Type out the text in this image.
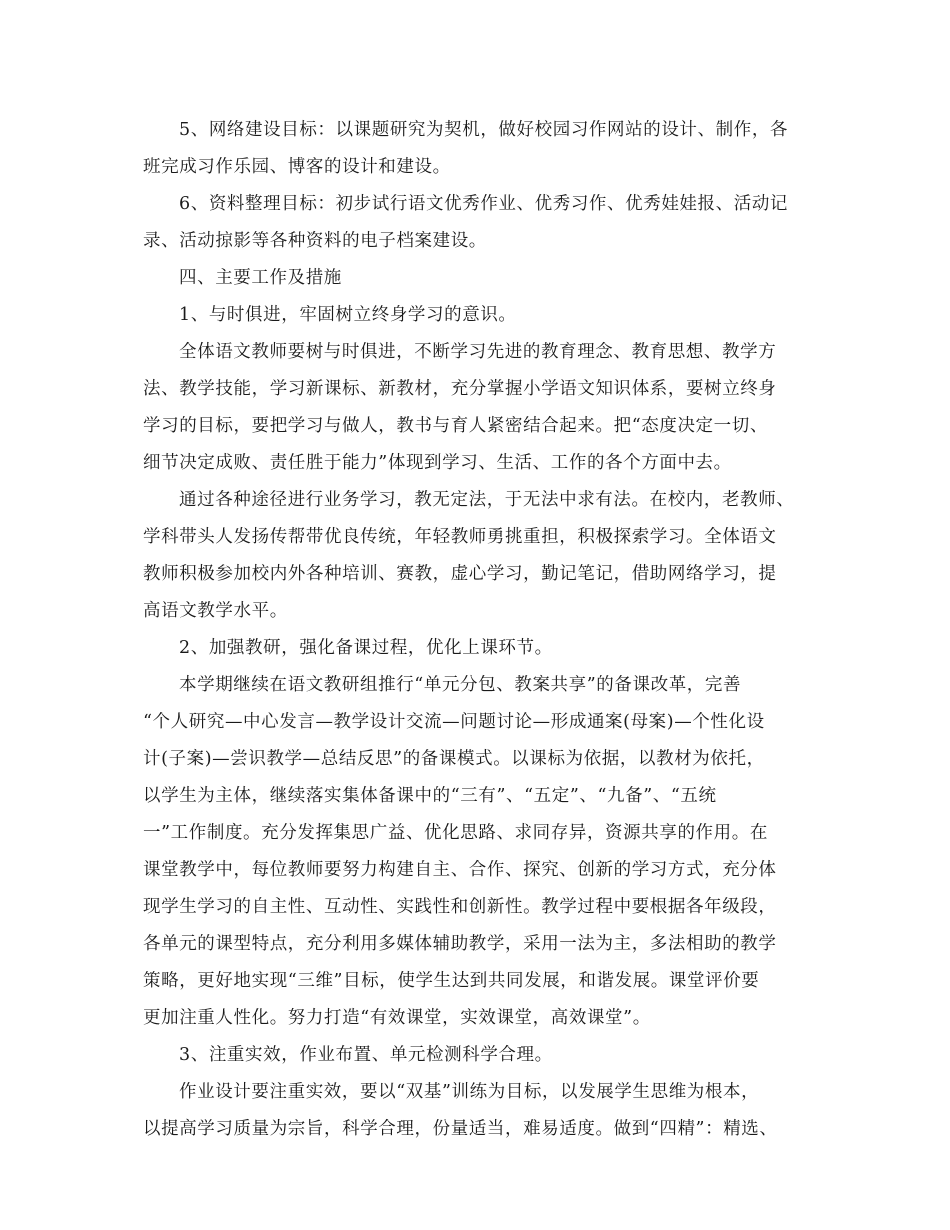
5、网络建设目标：以课题研究为契机，做好校园习作网站的设计、制作，各
班完成习作乐园、博客的设计和建设。
6、资料整理目标：初步试行语文优秀作业、优秀习作、优秀娃娃报、活动记
录、活动掠影等各种资料的电子档案建设。
四、主要工作及措施
1、与时俱进，牢固树立终身学习的意识。
全体语文教师要树与时俱进，不断学习先进的教育理念、教育思想、教学方
法、教学技能，学习新课标、新教材，充分掌握小学语文知识体系，要树立终身
学习的目标，要把学习与做人，教书与育人紧密结合起来。把“态度决定一切、
细节决定成败、责任胜于能力”体现到学习、生活、工作的各个方面中去。
通过各种途径进行业务学习，教无定法，于无法中求有法。在校内，老教师、
学科带头人发扬传帮带优良传统，年轻教师勇挑重担，积极探索学习。全体语文
教师积极参加校内外各种培训、赛教，虚心学习，勤记笔记，借助网络学习，提
高语文教学水平。
2、加强教研，强化备课过程，优化上课环节。
本学期继续在语文教研组推行“单元分包、教案共享”的备课改革，完善
“个人研究—中心发言—教学设计交流—问题讨论—形成通案(母案)—个性化设
计(子案)—尝识教学—总结反思”的备课模式。以课标为依据，以教材为依托，
以学生为主体，继续落实集体备课中的“三有”、“五定”、“九备”、“五统
一”工作制度。充分发挥集思广益、优化思路、求同存异，资源共享的作用。在
课堂教学中，每位教师要努力构建自主、合作、探究、创新的学习方式，充分体
现学生学习的自主性、互动性、实践性和创新性。教学过程中要根据各年级段，
各单元的课型特点，充分利用多媒体辅助教学，采用一法为主，多法相助的教学
策略，更好地实现“三维”目标，使学生达到共同发展，和谐发展。课堂评价要
更加注重人性化。努力打造“有效课堂，实效课堂，高效课堂”。
3、注重实效，作业布置、单元检测科学合理。
作业设计要注重实效，要以“双基”训练为目标，以发展学生思维为根本，
以提高学习质量为宗旨，科学合理，份量适当，难易适度。做到“四精”：精选、
